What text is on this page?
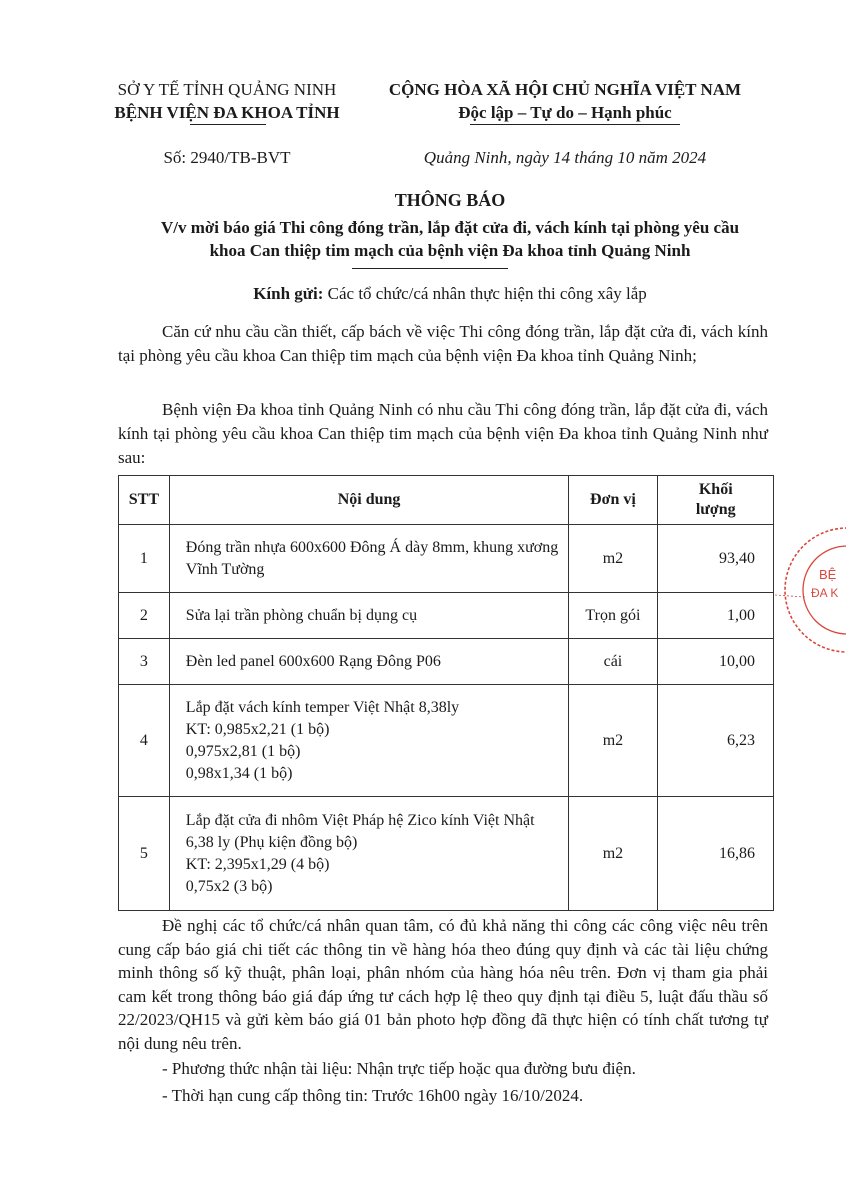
SỞ Y TẾ TỈNH QUẢNG NINH
BỆNH VIỆN ĐA KHOA TỈNH
Số: 2940/TB-BVT
CỘNG HÒA XÃ HỘI CHỦ NGHĨA VIỆT NAM
Độc lập – Tự do – Hạnh phúc
Quảng Ninh, ngày 14 tháng 10 năm 2024
THÔNG BÁO
V/v mời báo giá Thi công đóng trần, lắp đặt cửa đi, vách kính tại phòng yêu cầu
khoa Can thiệp tim mạch của bệnh viện Đa khoa tỉnh Quảng Ninh
Kính gửi: Các tổ chức/cá nhân thực hiện thi công xây lắp
Căn cứ nhu cầu cần thiết, cấp bách về việc Thi công đóng trần, lắp đặt cửa đi, vách kính tại phòng yêu cầu khoa Can thiệp tim mạch của bệnh viện Đa khoa tỉnh Quảng Ninh;
Bệnh viện Đa khoa tỉnh Quảng Ninh có nhu cầu Thi công đóng trần, lắp đặt cửa đi, vách kính tại phòng yêu cầu khoa Can thiệp tim mạch của bệnh viện Đa khoa tỉnh Quảng Ninh như sau:
STT	Nội dung	Đơn vị	Khối
lượng

1	Đóng trần nhựa 600x600 Đông Á dày 8mm, khung xương Vĩnh Tường	m2	93,40
2	Sửa lại trần phòng chuẩn bị dụng cụ	Trọn gói	1,00
3	Đèn led panel 600x600 Rạng Đông P06	cái	10,00
4	Lắp đặt vách kính temper Việt Nhật 8,38ly
KT: 0,985x2,21 (1 bộ)
0,975x2,81 (1 bộ)
0,98x1,34 (1 bộ)	m2	6,23
5	Lắp đặt cửa đi nhôm Việt Pháp hệ Zico kính Việt Nhật 6,38 ly (Phụ kiện đồng bộ)
KT: 2,395x1,29 (4 bộ)
0,75x2 (3 bộ)	m2	16,86
Đề nghị các tổ chức/cá nhân quan tâm, có đủ khả năng thi công các công việc nêu trên cung cấp báo giá chi tiết các thông tin về hàng hóa theo đúng quy định và các tài liệu chứng minh thông số kỹ thuật, phân loại, phân nhóm của hàng hóa nêu trên. Đơn vị tham gia phải cam kết trong thông báo giá đáp ứng tư cách hợp lệ theo quy định tại điều 5, luật đấu thầu số 22/2023/QH15 và gửi kèm báo giá 01 bản photo hợp đồng đã thực hiện có tính chất tương tự nội dung nêu trên.
- Phương thức nhận tài liệu: Nhận trực tiếp hoặc qua đường bưu điện.
- Thời hạn cung cấp thông tin: Trước 16h00 ngày 16/10/2024.
BỆ
ĐA K
